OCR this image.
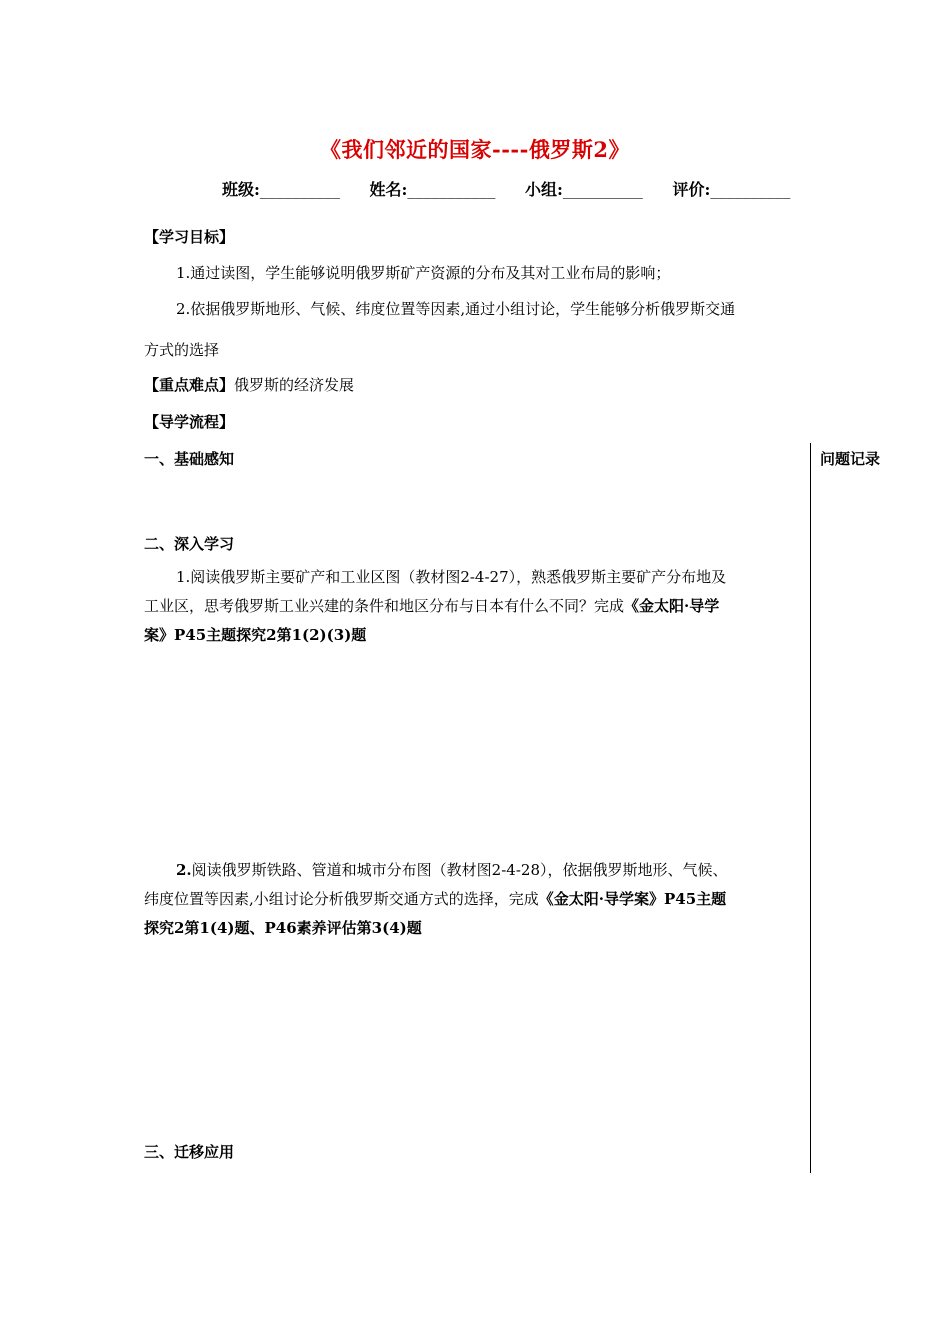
《我们邻近的国家----俄罗斯2》
班级:__________ 姓名:___________ 小组:__________ 评价:__________
【学习目标】
1.通过读图，学生能够说明俄罗斯矿产资源的分布及其对工业布局的影响；
2.依据俄罗斯地形、气候、纬度位置等因素,通过小组讨论，学生能够分析俄罗斯交通
方式的选择
【重点难点】俄罗斯的经济发展
【导学流程】
问题记录
一、基础感知
二、深入学习
1.阅读俄罗斯主要矿产和工业区图（教材图2-4-27），熟悉俄罗斯主要矿产分布地及
工业区，思考俄罗斯工业兴建的条件和地区分布与日本有什么不同？完成《金太阳·导学
案》P45主题探究2第1(2)(3)题
2.阅读俄罗斯铁路、管道和城市分布图（教材图2-4-28），依据俄罗斯地形、气候、
纬度位置等因素,小组讨论分析俄罗斯交通方式的选择，完成《金太阳·导学案》P45主题
探究2第1(4)题、P46素养评估第3(4)题
三、迁移应用
